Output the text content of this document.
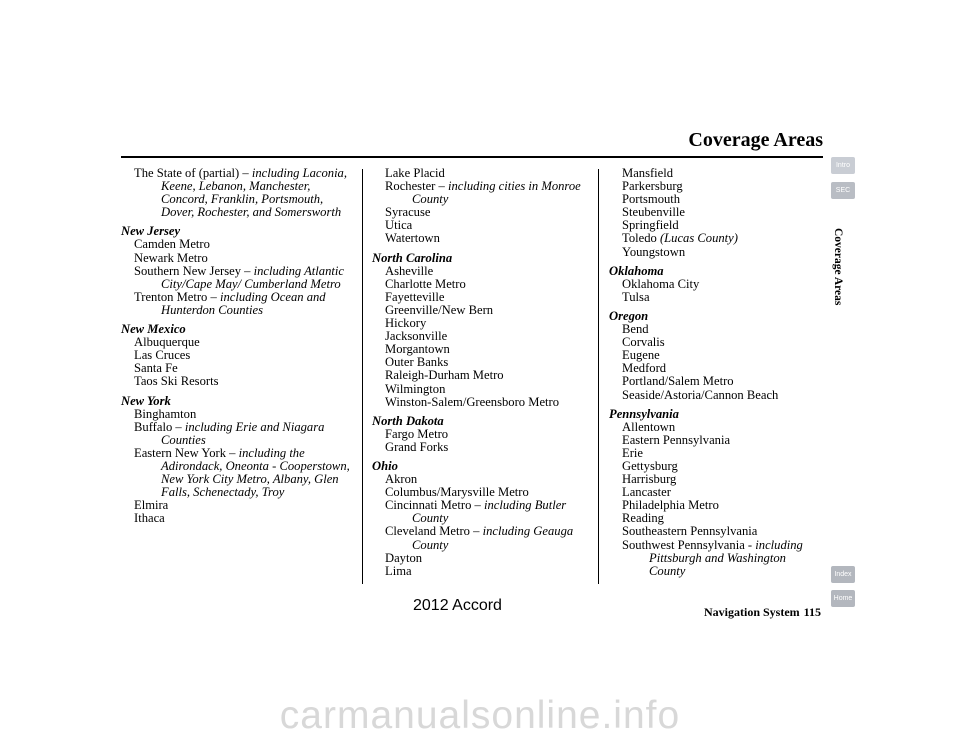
Coverage Areas
Intro
SEC
Coverage Areas
Index
Home
The State of (partial) – including Laconia, Keene, Lebanon, Manchester, Concord, Franklin, Portsmouth, Dover, Rochester, and Somersworth
New Jersey
Camden Metro
Newark Metro
Southern New Jersey – including Atlantic City/Cape May/ Cumberland Metro
Trenton Metro – including Ocean and Hunterdon Counties
New Mexico
Albuquerque
Las Cruces
Santa Fe
Taos Ski Resorts
New York
Binghamton
Buffalo – including Erie and Niagara Counties
Eastern New York – including the Adirondack, Oneonta - Cooperstown, New York City Metro, Albany, Glen Falls, Schenectady, Troy
Elmira
Ithaca
Lake Placid
Rochester – including cities in Monroe County
Syracuse
Utica
Watertown
North Carolina
Asheville
Charlotte Metro
Fayetteville
Greenville/New Bern
Hickory
Jacksonville
Morgantown
Outer Banks
Raleigh-Durham Metro
Wilmington
Winston-Salem/Greensboro Metro
North Dakota
Fargo Metro
Grand Forks
Ohio
Akron
Columbus/Marysville Metro
Cincinnati Metro – including Butler County
Cleveland Metro – including Geauga County
Dayton
Lima
Mansfield
Parkersburg
Portsmouth
Steubenville
Springfield
Toledo (Lucas County)
Youngstown
Oklahoma
Oklahoma City
Tulsa
Oregon
Bend
Corvalis
Eugene
Medford
Portland/Salem Metro
Seaside/Astoria/Cannon Beach
Pennsylvania
Allentown
Eastern Pennsylvania
Erie
Gettysburg
Harrisburg
Lancaster
Philadelphia Metro
Reading
Southeastern Pennsylvania
Southwest Pennsylvania - including Pittsburgh and Washington County
2012 Accord	Navigation System 115
carmanualsonline.info
